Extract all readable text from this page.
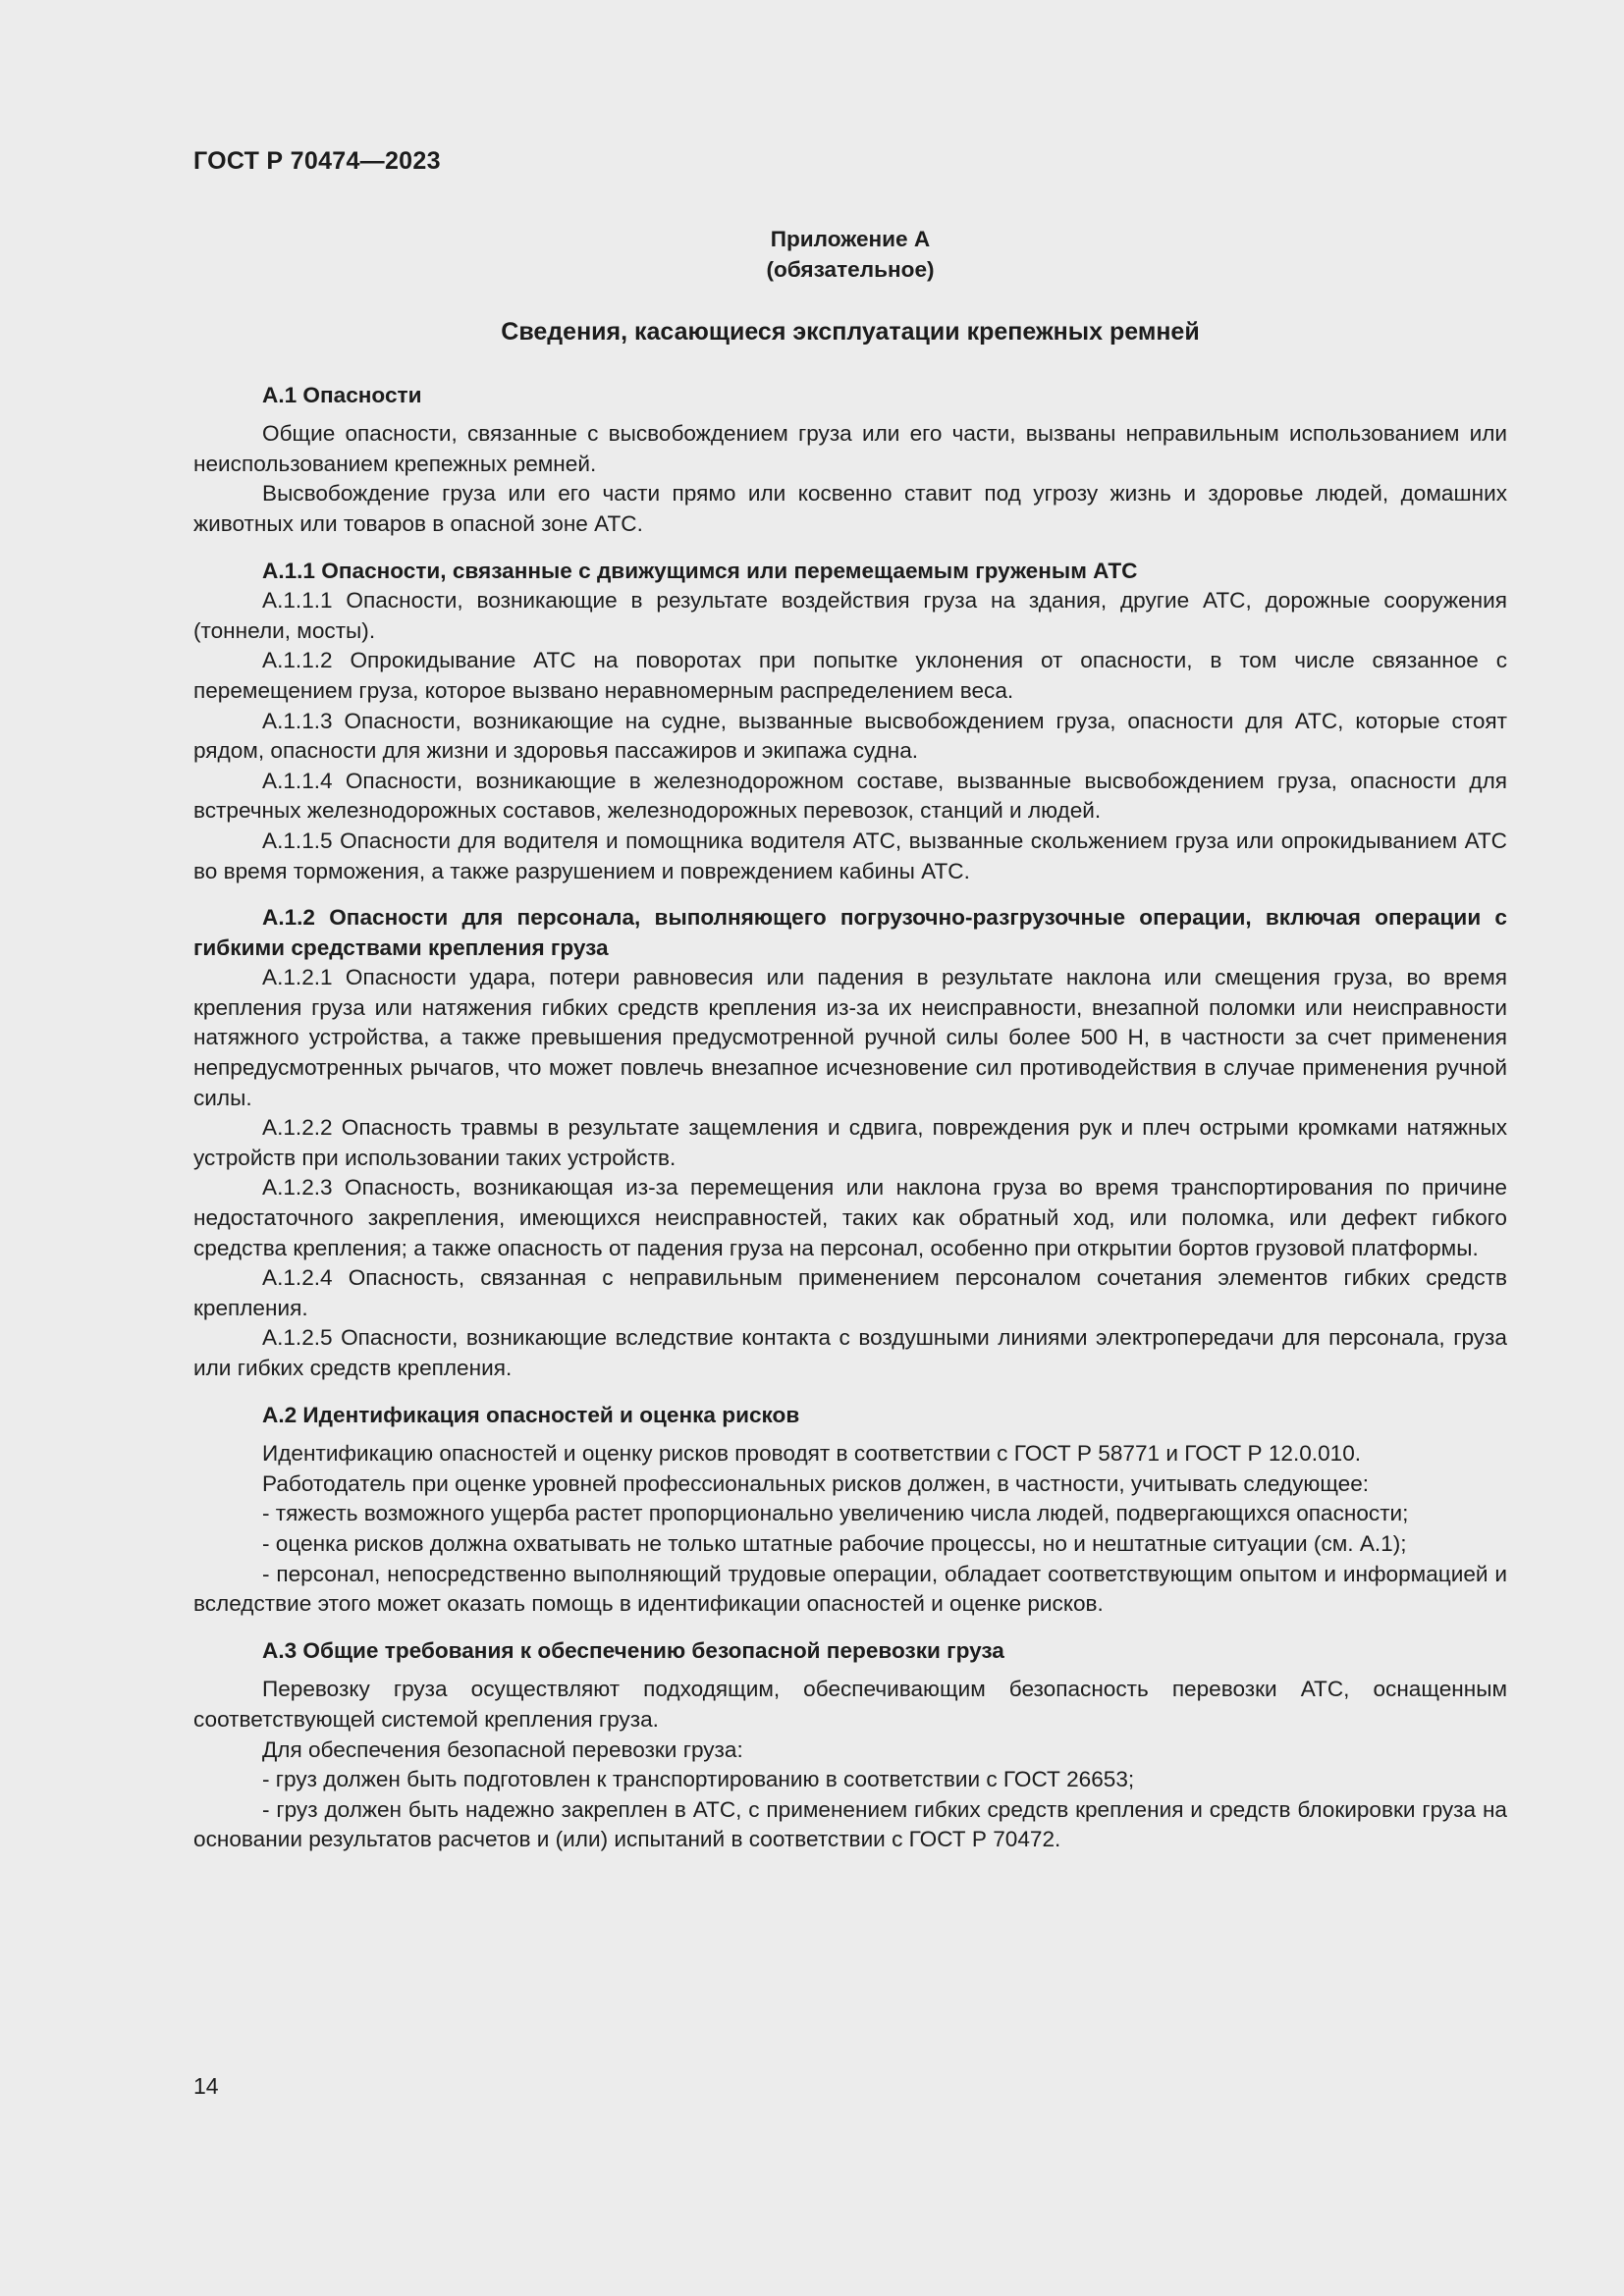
ГОСТ Р 70474—2023

Приложение А

(обязательное)

Сведения, касающиеся эксплуатации крепежных ремней

А.1 Опасности

Общие опасности, связанные с высвобождением груза или его части, вызваны неправильным использованием или неиспользованием крепежных ремней.

Высвобождение груза или его части прямо или косвенно ставит под угрозу жизнь и здоровье людей, домашних животных или товаров в опасной зоне АТС.

А.1.1 Опасности, связанные с движущимся или перемещаемым груженым АТС

А.1.1.1 Опасности, возникающие в результате воздействия груза на здания, другие АТС, дорожные сооружения (тоннели, мосты).

А.1.1.2 Опрокидывание АТС на поворотах при попытке уклонения от опасности, в том числе связанное с перемещением груза, которое вызвано неравномерным распределением веса.

А.1.1.3 Опасности, возникающие на судне, вызванные высвобождением груза, опасности для АТС, которые стоят рядом, опасности для жизни и здоровья пассажиров и экипажа судна.

А.1.1.4 Опасности, возникающие в железнодорожном составе, вызванные высвобождением груза, опасности для встречных железнодорожных составов, железнодорожных перевозок, станций и людей.

А.1.1.5 Опасности для водителя и помощника водителя АТС, вызванные скольжением груза или опрокидыванием АТС во время торможения, а также разрушением и повреждением кабины АТС.

А.1.2 Опасности для персонала, выполняющего погрузочно-разгрузочные операции, включая операции с гибкими средствами крепления груза

А.1.2.1 Опасности удара, потери равновесия или падения в результате наклона или смещения груза, во время крепления груза или натяжения гибких средств крепления из-за их неисправности, внезапной поломки или неисправности натяжного устройства, а также превышения предусмотренной ручной силы более 500 Н, в частности за счет применения непредусмотренных рычагов, что может повлечь внезапное исчезновение сил противодействия в случае применения ручной силы.

А.1.2.2 Опасность травмы в результате защемления и сдвига, повреждения рук и плеч острыми кромками натяжных устройств при использовании таких устройств.

А.1.2.3 Опасность, возникающая из-за перемещения или наклона груза во время транспортирования по причине недостаточного закрепления, имеющихся неисправностей, таких как обратный ход, или поломка, или дефект гибкого средства крепления; а также опасность от падения груза на персонал, особенно при открытии бортов грузовой платформы.

А.1.2.4 Опасность, связанная с неправильным применением персоналом сочетания элементов гибких средств крепления.

А.1.2.5 Опасности, возникающие вследствие контакта с воздушными линиями электропередачи для персонала, груза или гибких средств крепления.

А.2 Идентификация опасностей и оценка рисков

Идентификацию опасностей и оценку рисков проводят в соответствии с ГОСТ Р 58771 и ГОСТ Р 12.0.010.

Работодатель при оценке уровней профессиональных рисков должен, в частности, учитывать следующее:

- тяжесть возможного ущерба растет пропорционально увеличению числа людей, подвергающихся опасности;

- оценка рисков должна охватывать не только штатные рабочие процессы, но и нештатные ситуации (см. А.1);

- персонал, непосредственно выполняющий трудовые операции, обладает соответствующим опытом и информацией и вследствие этого может оказать помощь в идентификации опасностей и оценке рисков.

А.3 Общие требования к обеспечению безопасной перевозки груза

Перевозку груза осуществляют подходящим, обеспечивающим безопасность перевозки АТС, оснащенным соответствующей системой крепления груза.

Для обеспечения безопасной перевозки груза:

- груз должен быть подготовлен к транспортированию в соответствии с ГОСТ 26653;

- груз должен быть надежно закреплен в АТС, с применением гибких средств крепления и средств блокировки груза на основании результатов расчетов и (или) испытаний в соответствии с ГОСТ Р 70472.

14
